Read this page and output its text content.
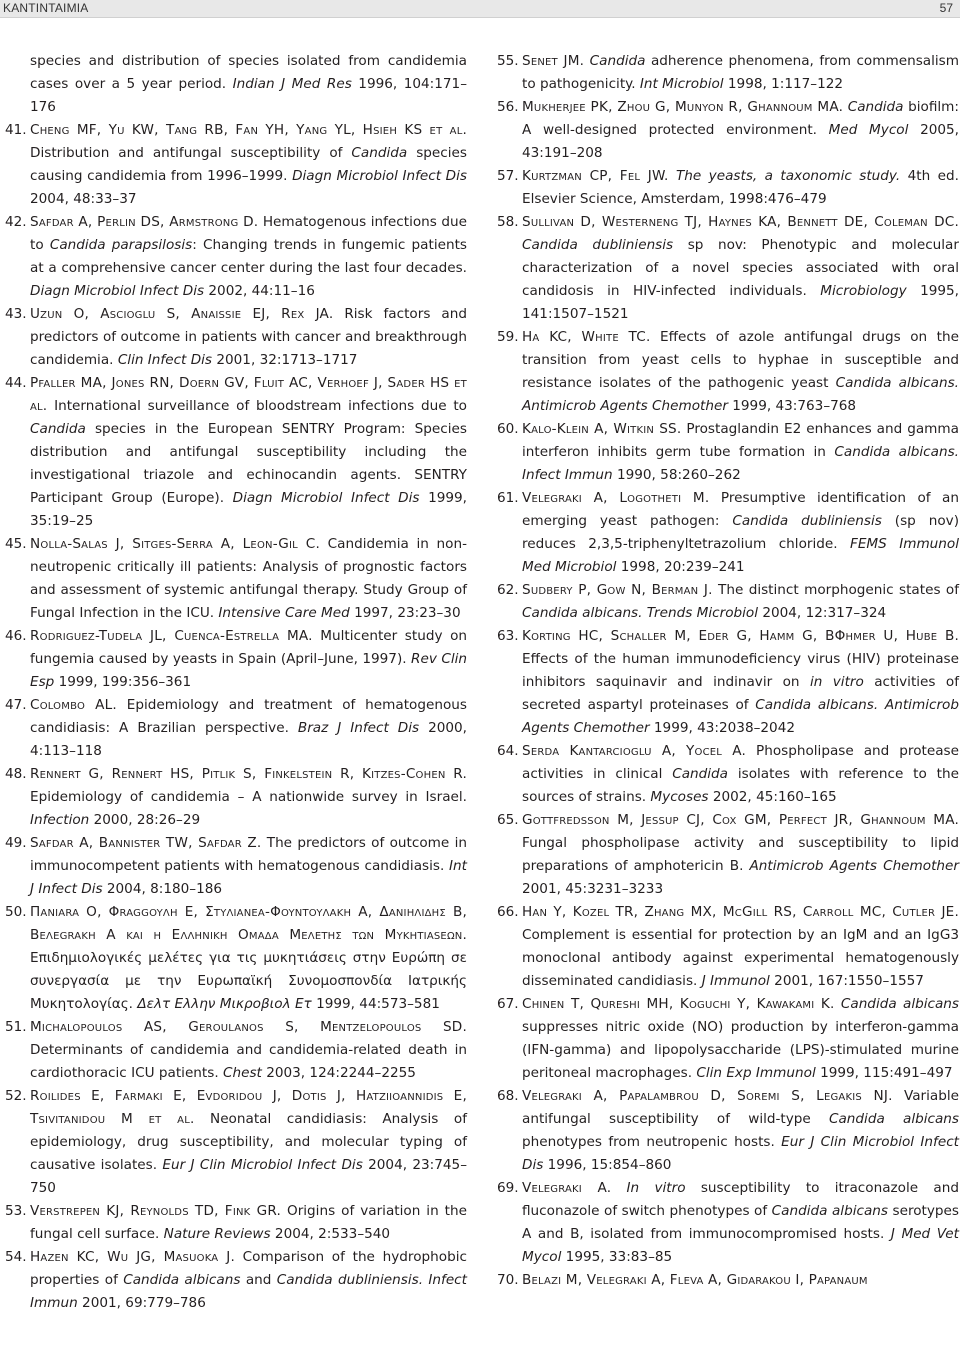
ΚΑΝΤΙΝΤΑΙΜΙΑ	57
species and distribution of species isolated from candidemia cases over a 5 year period. Indian J Med Res 1996, 104:171–176
41. Cheng MF, Yu KW, Tang RB, Fan YH, Yang YL, Hsieh KS et al. Distribution and antifungal susceptibility of Candida species causing candidemia from 1996–1999. Diagn Microbiol Infect Dis 2004, 48:33–37
42. Safdar A, Perlin DS, Armstrong D. Hematogenous infections due to Candida parapsilosis: Changing trends in fungemic patients at a comprehensive cancer center during the last four decades. Diagn Microbiol Infect Dis 2002, 44:11–16
43. Uzun O, Ascioglu S, Anaissie EJ, Rex JA. Risk factors and predictors of outcome in patients with cancer and breakthrough candidemia. Clin Infect Dis 2001, 32:1713–1717
44. Pfaller MA, Jones RN, Doern GV, Fluit AC, Verhoef J, Sader HS et al. International surveillance of bloodstream infections due to Candida species in the European SENTRY Program: Species distribution and antifungal susceptibility including the investigational triazole and echinocandin agents. SENTRY Participant Group (Europe). Diagn Microbiol Infect Dis 1999, 35:19–25
45. Nolla-Salas J, Sitges-Serra A, Leon-Gil C. Candidemia in non-neutropenic critically ill patients: Analysis of prognostic factors and assessment of systemic antifungal therapy. Study Group of Fungal Infection in the ICU. Intensive Care Med 1997, 23:23–30
46. Rodriguez-Tudela JL, Cuenca-Estrella MA. Multicenter study on fungemia caused by yeasts in Spain (April–June, 1997). Rev Clin Esp 1999, 199:356–361
47. Colombo AL. Epidemiology and treatment of hematogenous candidiasis: A Brazilian perspective. Braz J Infect Dis 2000, 4:113–118
48. Rennert G, Rennert HS, Pitlik S, Finkelstein R, Kitzes-Cohen R. Epidemiology of candidemia – A nationwide survey in Israel. Infection 2000, 28:26–29
49. Safdar A, Bannister TW, Safdar Z. The predictors of outcome in immunocompetent patients with hematogenous candidiasis. Int J Infect Dis 2004, 8:180–186
50. Πaniara O, Φraggoyλh E, Στyλianea-Φoyntoyλakh A, Δanihλiδhς B, Beλegrakh A kai h Eλλhnikh Omaδa Meλethς των Mykhtiasεων. Επιδημιολογικές μελέτες για τις μυκητιάσεις στην Ευρώπη σε συνεργασία με την Ευρωπαϊκή Συνομοσπονδία Ιατρικής Μυκητολογίας. Δελτ Ελλην Μικροβιολ Ετ 1999, 44:573–581
51. Michalopoulos AS, Geroulanos S, Mentzelopoulos SD. Determinants of candidemia and candidemia-related death in cardiothoracic ICU patients. Chest 2003, 124:2244–2255
52. Roilides E, Farmaki E, Evdoridou J, Dotis J, Hatziioannidis E, Tsivitanidou M et al. Neonatal candidiasis: Analysis of epidemiology, drug susceptibility, and molecular typing of causative isolates. Eur J Clin Microbiol Infect Dis 2004, 23:745–750
53. Verstrepen KJ, Reynolds TD, Fink GR. Origins of variation in the fungal cell surface. Nature Reviews 2004, 2:533–540
54. Hazen KC, Wu JG, Masuoka J. Comparison of the hydrophobic properties of Candida albicans and Candida dubliniensis. Infect Immun 2001, 69:779–786
55. Senet JM. Candida adherence phenomena, from commensalism to pathogenicity. Int Microbiol 1998, 1:117–122
56. Mukherjee PK, Zhou G, Munyon R, Ghannoum MA. Candida biofilm: A well-designed protected environment. Med Mycol 2005, 43:191–208
57. Kurtzman CP, Fel JW. The yeasts, a taxonomic study. 4th ed. Elsevier Science, Amsterdam, 1998:476–479
58. Sullivan D, Westerneng TJ, Haynes KA, Bennett DE, Coleman DC. Candida dubliniensis sp nov: Phenotypic and molecular characterization of a novel species associated with oral candidosis in HIV-infected individuals. Microbiology 1995, 141:1507–1521
59. Ha KC, White TC. Effects of azole antifungal drugs on the transition from yeast cells to hyphae in susceptible and resistance isolates of the pathogenic yeast Candida albicans. Antimicrob Agents Chemother 1999, 43:763–768
60. Kalo-Klein A, Witkin SS. Prostaglandin E2 enhances and gamma interferon inhibits germ tube formation in Candida albicans. Infect Immun 1990, 58:260–262
61. Velegraki A, Logotheti M. Presumptive identification of an emerging yeast pathogen: Candida dubliniensis (sp nov) reduces 2,3,5-triphenyltetrazolium chloride. FEMS Immunol Med Microbiol 1998, 20:239–241
62. Sudbery P, Gow N, Berman J. The distinct morphogenic states of Candida albicans. Trends Microbiol 2004, 12:317–324
63. Korting HC, Schaller M, Eder G, Hamm G, BΦhmer U, Hube B. Effects of the human immunodeficiency virus (HIV) proteinase inhibitors saquinavir and indinavir on in vitro activities of secreted aspartyl proteinases of Candida albicans. Antimicrob Agents Chemother 1999, 43:2038–2042
64. Serda Kantarcioglu A, Yocel A. Phospholipase and protease activities in clinical Candida isolates with reference to the sources of strains. Mycoses 2002, 45:160–165
65. Gottfredsson M, Jessup CJ, Cox GM, Perfect JR, Ghannoum MA. Fungal phospholipase activity and susceptibility to lipid preparations of amphotericin B. Antimicrob Agents Chemother 2001, 45:3231–3233
66. Han Y, Kozel TR, Zhang MX, McGill RS, Carroll MC, Cutler JE. Complement is essential for protection by an IgM and an IgG3 monoclonal antibody against experimental hematogenously disseminated candidiasis. J Immunol 2001, 167:1550–1557
67. Chinen T, Qureshi MH, Koguchi Y, Kawakami K. Candida albicans suppresses nitric oxide (NO) production by interferon-gamma (IFN-gamma) and lipopolysaccharide (LPS)-stimulated murine peritoneal macrophages. Clin Exp Immunol 1999, 115:491–497
68. Velegraki A, Papalambrou D, Soremi S, Legakis NJ. Variable antifungal susceptibility of wild-type Candida albicans phenotypes from neutropenic hosts. Eur J Clin Microbiol Infect Dis 1996, 15:854–860
69. Velegraki A. In vitro susceptibility to itraconazole and fluconazole of switch phenotypes of Candida albicans serotypes A and B, isolated from immunocompromised hosts. J Med Vet Mycol 1995, 33:83–85
70. Belazi M, Velegraki A, Fleva A, Gidarakou I, Papanaum
